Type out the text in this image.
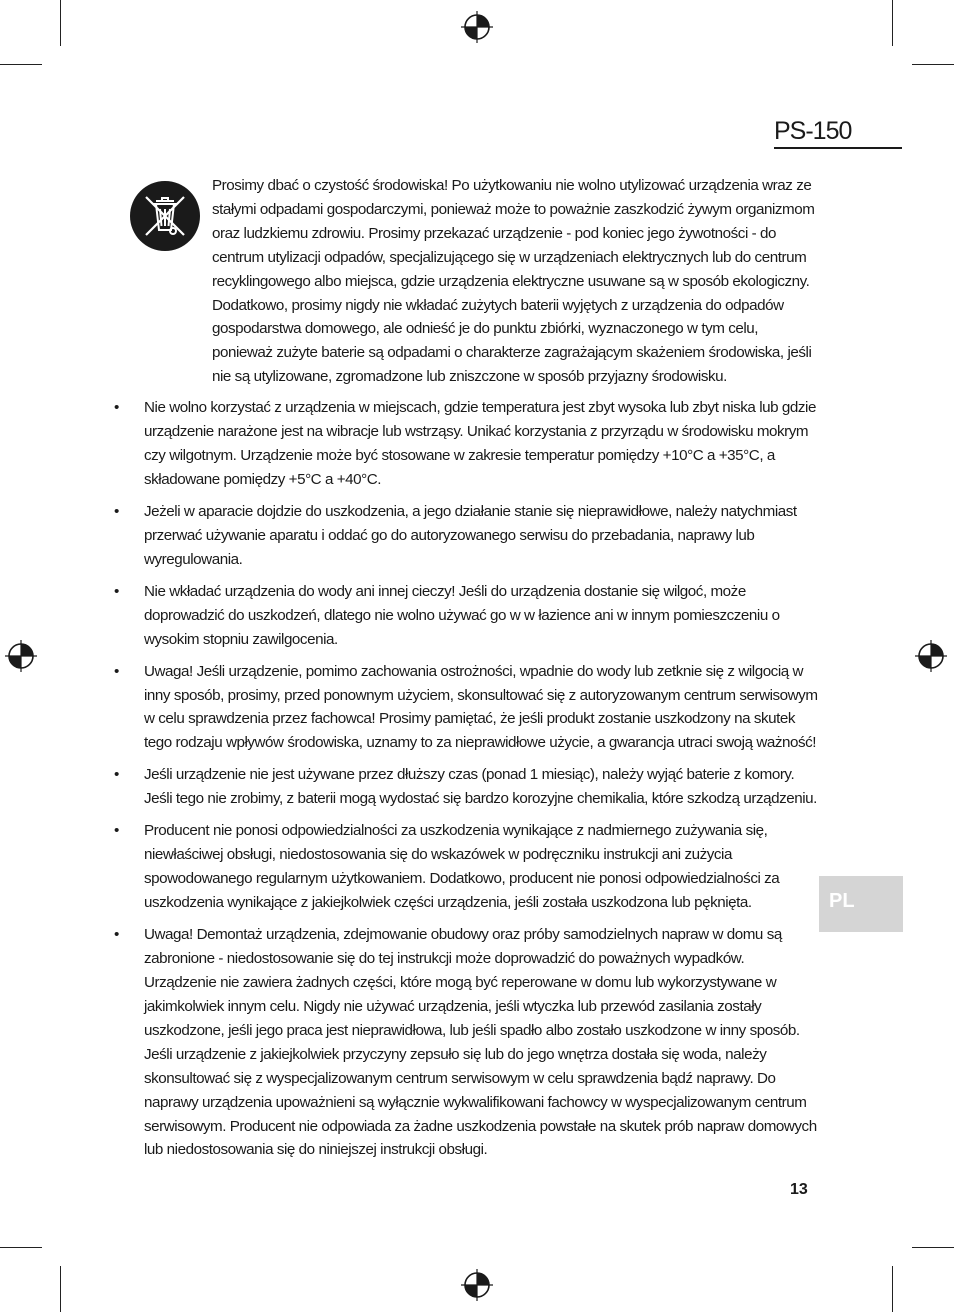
PS-150
Prosimy dbać o czystość środowiska! Po użytkowaniu nie wolno utylizować urządzenia wraz ze stałymi odpadami gospodarczymi, ponieważ może to poważnie zaszkodzić żywym organizmom oraz ludzkiemu zdrowiu. Prosimy przekazać urządzenie - pod koniec jego żywotności - do centrum utylizacji odpadów, specjalizującego się w urządzeniach elektrycznych lub do centrum recyklingowego albo miejsca, gdzie urządzenia elektryczne usuwane są w sposób ekologiczny. Dodatkowo, prosimy nigdy nie wkładać zużytych baterii wyjętych z urządzenia do odpadów gospodarstwa domowego, ale odnieść je do punktu zbiórki, wyznaczonego w tym celu, ponieważ zużyte baterie są odpadami o charakterze zagrażającym skażeniem środowiska, jeśli nie są utylizowane, zgromadzone lub zniszczone w sposób przyjazny środowisku.
• Nie wolno korzystać z urządzenia w miejscach, gdzie temperatura jest zbyt wysoka lub zbyt niska lub gdzie urządzenie narażone jest na wibracje lub wstrząsy. Unikać korzystania z przyrządu w środowisku mokrym czy wilgotnym. Urządzenie może być stosowane w zakresie temperatur pomiędzy +10°C a +35°C, a składowane pomiędzy +5°C a +40°C.
• Jeżeli w aparacie dojdzie do uszkodzenia, a jego działanie stanie się nieprawidłowe, należy natychmiast przerwać używanie aparatu i oddać go do autoryzowanego serwisu do przebadania, naprawy lub wyregulowania.
• Nie wkładać urządzenia do wody ani innej cieczy! Jeśli do urządzenia dostanie się wilgoć, może doprowadzić do uszkodzeń, dlatego nie wolno używać go w w łazience ani w innym pomieszczeniu o wysokim stopniu zawilgocenia.
• Uwaga! Jeśli urządzenie, pomimo zachowania ostrożności, wpadnie do wody lub zetknie się z wilgocią w inny sposób, prosimy, przed ponownym użyciem, skonsultować się z autoryzowanym centrum serwisowym w celu sprawdzenia przez fachowca! Prosimy pamiętać, że jeśli produkt zostanie uszkodzony na skutek tego rodzaju wpływów środowiska, uznamy to za nieprawidłowe użycie, a gwarancja utraci swoją ważność!
• Jeśli urządzenie nie jest używane przez dłuższy czas (ponad 1 miesiąc), należy wyjąć baterie z komory. Jeśli tego nie zrobimy, z baterii mogą wydostać się bardzo korozyjne chemikalia, które szkodzą urządzeniu.
• Producent nie ponosi odpowiedzialności za uszkodzenia wynikające z nadmiernego zużywania się, niewłaściwej obsługi, niedostosowania się do wskazówek w podręczniku instrukcji ani zużycia spowodowanego regularnym użytkowaniem. Dodatkowo, producent nie ponosi odpowiedzialności za uszkodzenia wynikające z jakiejkolwiek części urządzenia, jeśli została uszkodzona lub pęknięta.
• Uwaga! Demontaż urządzenia, zdejmowanie obudowy oraz próby samodzielnych napraw w domu są zabronione - niedostosowanie się do tej instrukcji może doprowadzić do poważnych wypadków. Urządzenie nie zawiera żadnych części, które mogą być reperowane w domu lub wykorzystywane w jakimkolwiek innym celu. Nigdy nie używać urządzenia, jeśli wtyczka lub przewód zasilania zostały uszkodzone, jeśli jego praca jest nieprawidłowa, lub jeśli spadło albo zostało uszkodzone w inny sposób. Jeśli urządzenie z jakiejkolwiek przyczyny zepsuło się lub do jego wnętrza dostała się woda, należy skonsultować się z wyspecjalizowanym centrum serwisowym w celu sprawdzenia bądź naprawy. Do naprawy urządzenia upoważnieni są wyłącznie wykwalifikowani fachowcy w wyspecjalizowanym centrum serwisowym. Producent nie odpowiada za żadne uszkodzenia powstałe na skutek prób napraw domowych lub niedostosowania się do niniejszej instrukcji obsługi.
PL
13
